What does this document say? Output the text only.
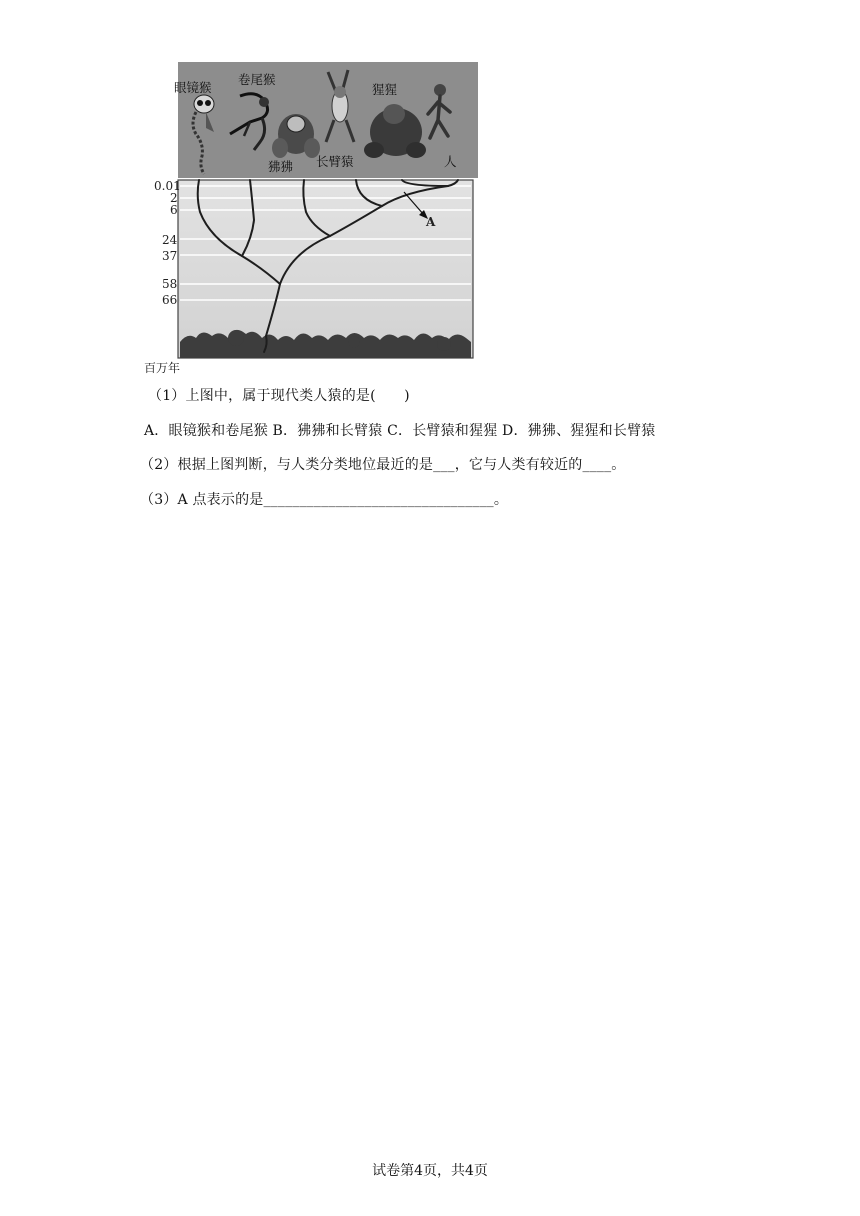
A
0.01
2
6
24
37
58
66
百万年
眼镜猴
卷尾猴
狒狒 长臂猿
猩猩
人
（1）上图中，属于现代类人猿的是(　　)
A．眼镜猴和卷尾猴 B．狒狒和长臂猿 C．长臂猿和猩猩 D．狒狒、猩猩和长臂猿
（2）根据上图判断，与人类分类地位最近的是___，它与人类有较近的____。
（3）A 点表示的是________________________________。
试卷第4页，共4页
